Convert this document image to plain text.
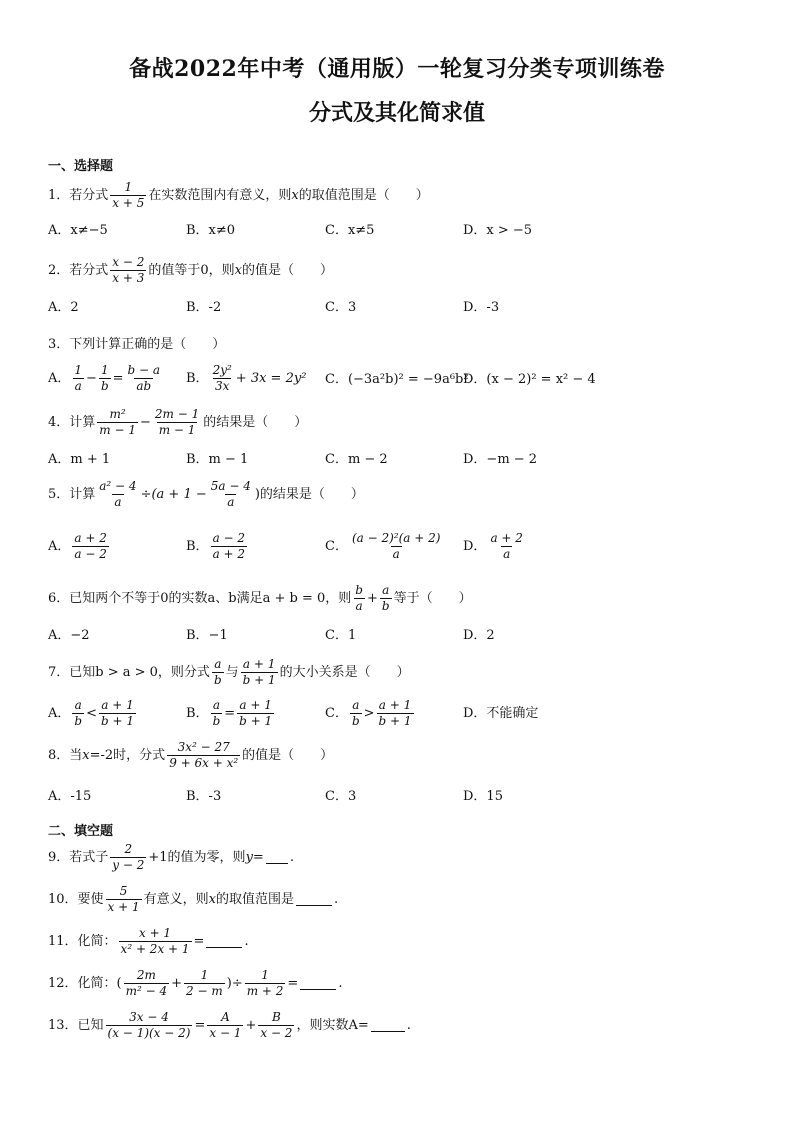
备战2022年中考（通用版）一轮复习分类专项训练卷
分式及其化简求值
一、选择题
1．若分式 $\frac{1}{x + 5}$ 在实数范围内有意义，则 x 的取值范围是（　　）
A．x≠−5	B．x≠0	C．x≠5	D．x > −5
2．若分式 $\frac{x - 2}{x + 3}$ 的值等于0，则 x 的值是（　　）
A．2	B．-2	C．3	D．-3
3．下列计算正确的是（　　）
A． $\frac{1}{a} - \frac{1}{b} = \frac{b - a}{ab}$ B． $\frac{\text{2y²}}{3x} + 3x = 2y^2$ C．(−3a²b)² = −9a⁶b²
D．(x − 2)² = x² − 4
4．计算 $\frac{\text{m²}}{m - 1} - \frac{2m - 1}{m - 1}$ 的结果是（　　）
A．m + 1	B．m − 1	C．m − 2	D．−m − 2
5．计算 $\frac{\text{a² − 4}}{a} \div(a + 1 - \frac{5a - 4}{a}$ )的结果是（　　）
A． $\frac{a + 2}{a - 2}$	B． $\frac{a - 2}{a + 2}$	C． $\frac{\text{(a − 2)²(a + 2)}}{a}$ D． $\frac{a + 2}{a}$
6．已知两个不等于0的实数 a、b满足a + b = 0，则 $\frac{b}{a} + \frac{a}{b}$ 等于（　　）
A．−2	B．−1	C．1	D．2
7．已知b > a > 0，则分式 $\frac{a}{b}$ 与 $\frac{a + 1}{b + 1}$ 的大小关系是（　　）
A． $\frac{a}{b} < \frac{a + 1}{b + 1}$	B． $\frac{a}{b} = \frac{a + 1}{b + 1}$	C． $\frac{a}{b} > \frac{a + 1}{b + 1}$	D．不能确定
8．当 x =-2时，分式 $\frac{\text{3x² − 27}}{\text{9 + 6x + x²}}$ 的值是（　　）
A．-15	B．-3	C．3	D．15
二、填空题
9．若式子 $\frac{2}{y - 2} +1$的值为零，则 y = .
10．要使 $\frac{5}{x + 1}$ 有意义，则 x 的取值范围是	.
11．化简： $\frac{x + 1}{\text{x² + 2x + 1}}$ =	.
12．化简：( $\frac{2m}{\text{m² − 4}} + \frac{1}{2 - m}$ )÷ $\frac{1}{m + 2}$ =	.
13．已知 $\frac{3x - 4}{(x - 1)(x - 2)} = \frac{A}{x - 1} + \frac{B}{x - 2}$ ，则实数A=	.
